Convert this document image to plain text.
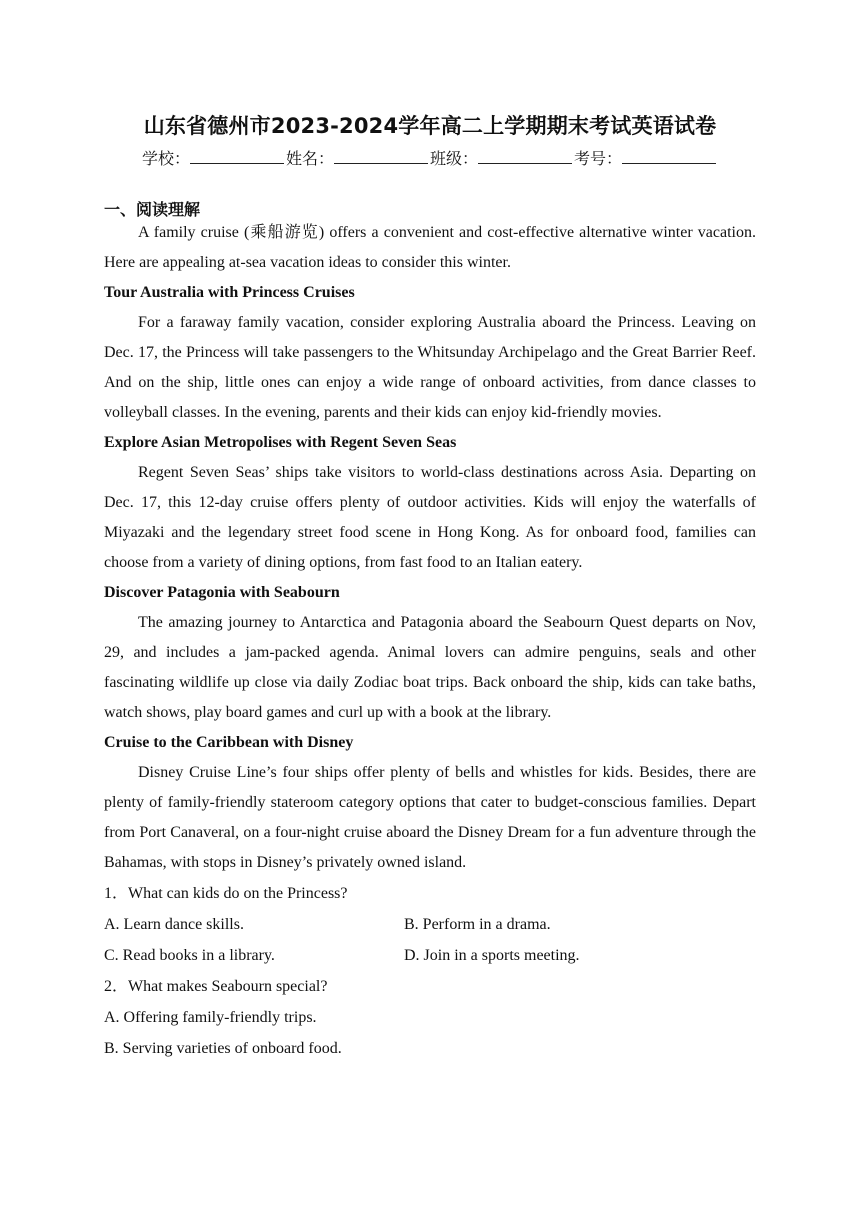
山东省德州市2023-2024学年高二上学期期末考试英语试卷
学校：	姓名：	班级：	考号：
一、阅读理解

A family cruise (乘船游览) offers a convenient and cost-effective alternative winter vacation. Here are appealing at-sea vacation ideas to consider this winter.

Tour Australia with Princess Cruises

For a faraway family vacation, consider exploring Australia aboard the Princess. Leaving on Dec. 17, the Princess will take passengers to the Whitsunday Archipelago and the Great Barrier Reef. And on the ship, little ones can enjoy a wide range of onboard activities, from dance classes to volleyball classes. In the evening, parents and their kids can enjoy kid-friendly movies.

Explore Asian Metropolises with Regent Seven Seas

Regent Seven Seas’ ships take visitors to world-class destinations across Asia. Departing on Dec. 17, this 12-day cruise offers plenty of outdoor activities. Kids will enjoy the waterfalls of Miyazaki and the legendary street food scene in Hong Kong. As for onboard food, families can choose from a variety of dining options, from fast food to an Italian eatery.

Discover Patagonia with Seabourn

The amazing journey to Antarctica and Patagonia aboard the Seabourn Quest departs on Nov, 29, and includes a jam-packed agenda. Animal lovers can admire penguins, seals and other fascinating wildlife up close via daily Zodiac boat trips. Back onboard the ship, kids can take baths, watch shows, play board games and curl up with a book at the library.

Cruise to the Caribbean with Disney

Disney Cruise Line’s four ships offer plenty of bells and whistles for kids. Besides, there are plenty of family-friendly stateroom category options that cater to budget-conscious families. Depart from Port Canaveral, on a four-night cruise aboard the Disney Dream for a fun adventure through the Bahamas, with stops in Disney’s privately owned island.

1．What can kids do on the Princess?

A. Learn dance skills.	B. Perform in a drama.
C. Read books in a library.	D. Join in a sports meeting.

2．What makes Seabourn special?

A. Offering family-friendly trips.

B. Serving varieties of onboard food.
